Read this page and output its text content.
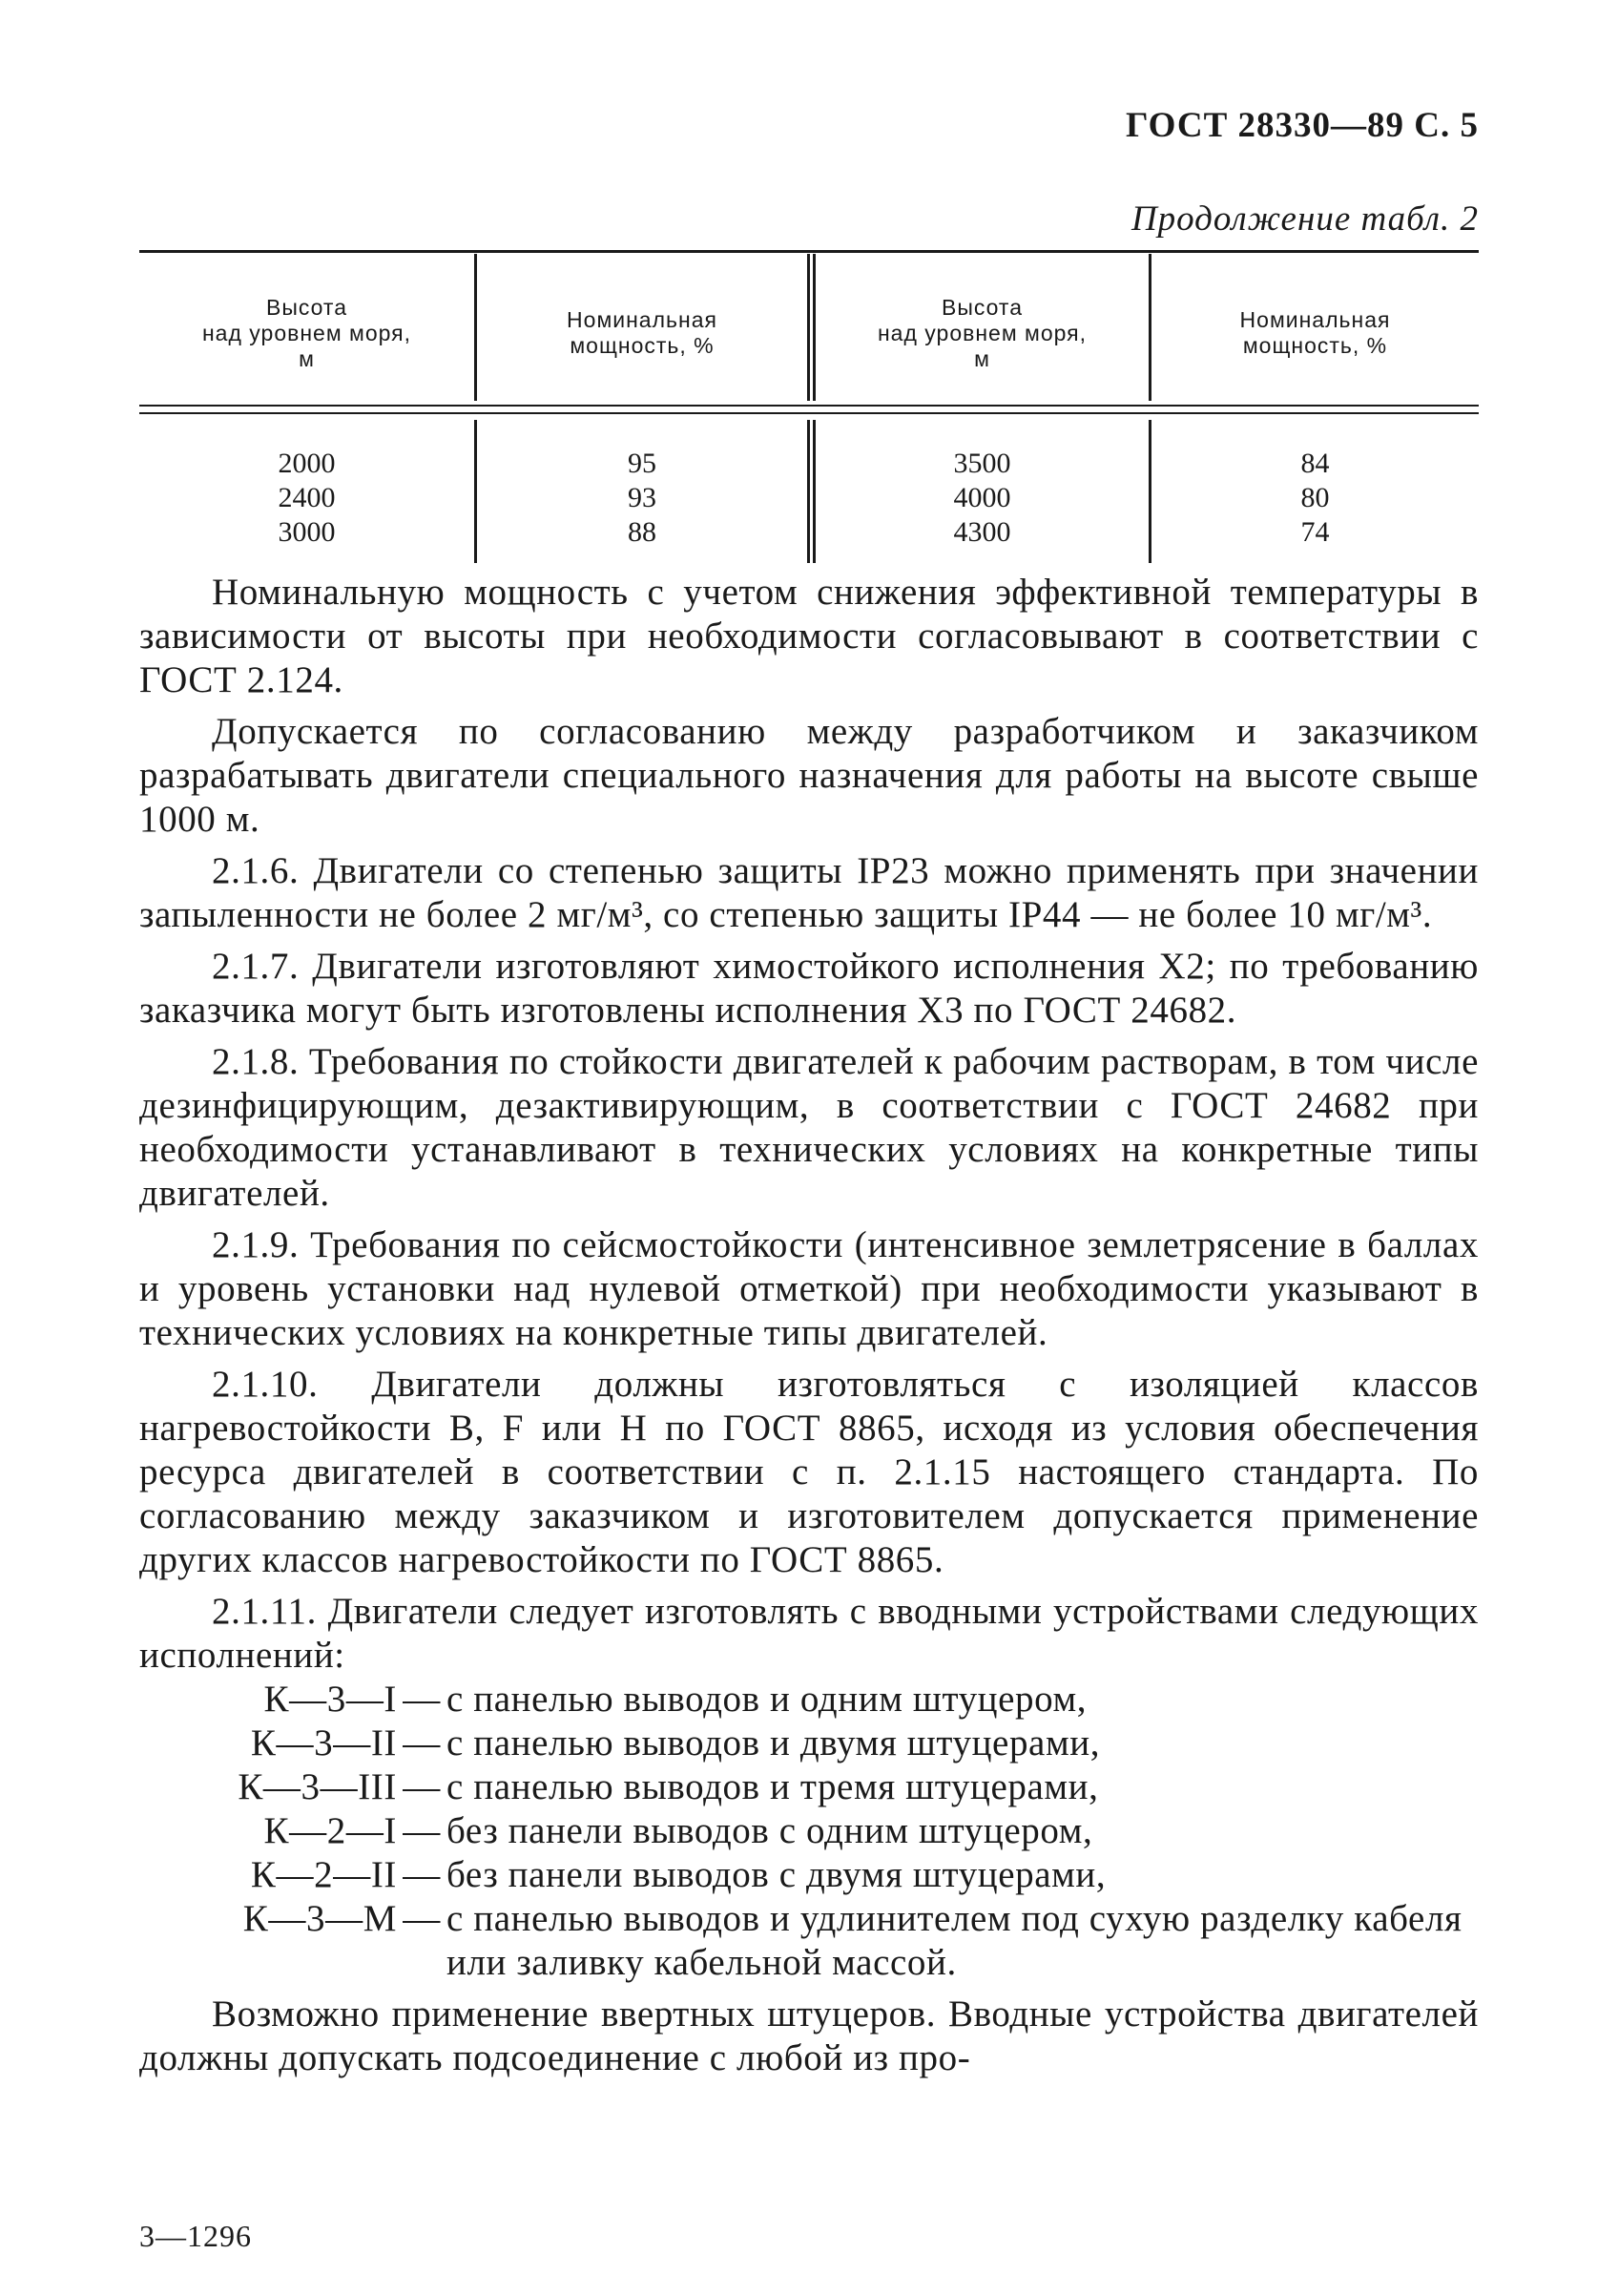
ГОСТ 28330—89 С. 5
Продолжение табл. 2
Высота
над уровнем моря,
м
Номинальная
мощность, %
Высота
над уровнем моря,
м
Номинальная
мощность, %
2000
2400
3000
95
93
88
3500
4000
4300
84
80
74

Номинальную мощность с учетом снижения эффективной температуры в зависимости от высоты при необходимости согласовывают в соответствии с ГОСТ 2.124.

Допускается по согласованию между разработчиком и заказчиком разрабатывать двигатели специального назначения для работы на высоте свыше 1000 м.

2.1.6. Двигатели со степенью защиты IP23 можно применять при значении запыленности не более 2 мг/м³, со степенью защиты IP44 — не более 10 мг/м³.

2.1.7. Двигатели изготовляют химостойкого исполнения Х2; по требованию заказчика могут быть изготовлены исполнения Х3 по ГОСТ 24682.

2.1.8. Требования по стойкости двигателей к рабочим растворам, в том числе дезинфицирующим, дезактивирующим, в соответствии с ГОСТ 24682 при необходимости устанавливают в технических условиях на конкретные типы двигателей.

2.1.9. Требования по сейсмостойкости (интенсивное землетрясение в баллах и уровень установки над нулевой отметкой) при необходимости указывают в технических условиях на конкретные типы двигателей.

2.1.10. Двигатели должны изготовляться с изоляцией классов нагревостойкости B, F или H по ГОСТ 8865, исходя из условия обеспечения ресурса двигателей в соответствии с п. 2.1.15 настоящего стандарта. По согласованию между заказчиком и изготовителем допускается применение других классов нагревостойкости по ГОСТ 8865.

2.1.11. Двигатели следует изготовлять с вводными устройствами следующих исполнений:

К—3—I — с панелью выводов и одним штуцером,
К—3—II — с панелью выводов и двумя штуцерами,
К—3—III — с панелью выводов и тремя штуцерами,
К—2—I — без панели выводов с одним штуцером,
К—2—II — без панели выводов с двумя штуцерами,
К—3—М — с панелью выводов и удлинителем под сухую разделку кабеля или заливку кабельной массой.

Возможно применение ввертных штуцеров. Вводные устройства двигателей должны допускать подсоединение с любой из про-

3—1296
